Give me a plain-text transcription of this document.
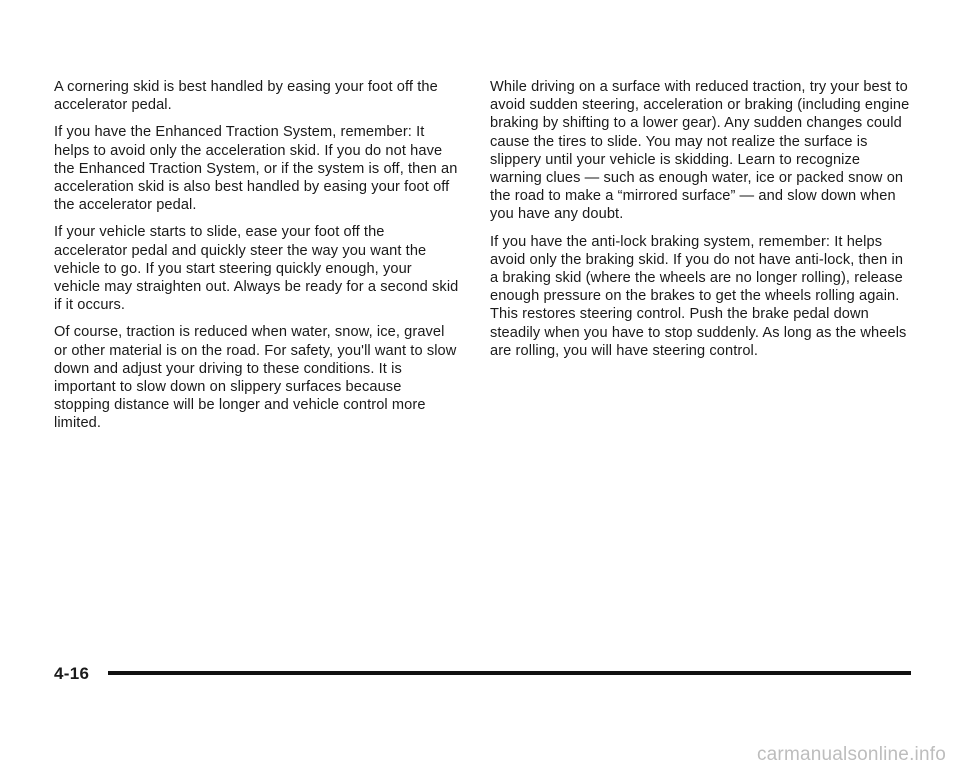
A cornering skid is best handled by easing your foot off the accelerator pedal.

If you have the Enhanced Traction System, remember: It helps to avoid only the acceleration skid. If you do not have the Enhanced Traction System, or if the system is off, then an acceleration skid is also best handled by easing your foot off the accelerator pedal.

If your vehicle starts to slide, ease your foot off the accelerator pedal and quickly steer the way you want the vehicle to go. If you start steering quickly enough, your vehicle may straighten out. Always be ready for a second skid if it occurs.

Of course, traction is reduced when water, snow, ice, gravel or other material is on the road. For safety, you'll want to slow down and adjust your driving to these conditions. It is important to slow down on slippery surfaces because stopping distance will be longer and vehicle control more limited.

While driving on a surface with reduced traction, try your best to avoid sudden steering, acceleration or braking (including engine braking by shifting to a lower gear). Any sudden changes could cause the tires to slide. You may not realize the surface is slippery until your vehicle is skidding. Learn to recognize warning clues — such as enough water, ice or packed snow on the road to make a “mirrored surface” — and slow down when you have any doubt.

If you have the anti-lock braking system, remember: It helps avoid only the braking skid. If you do not have anti-lock, then in a braking skid (where the wheels are no longer rolling), release enough pressure on the brakes to get the wheels rolling again. This restores steering control. Push the brake pedal down steadily when you have to stop suddenly. As long as the wheels are rolling, you will have steering control.

4-16
carmanualsonline.info
